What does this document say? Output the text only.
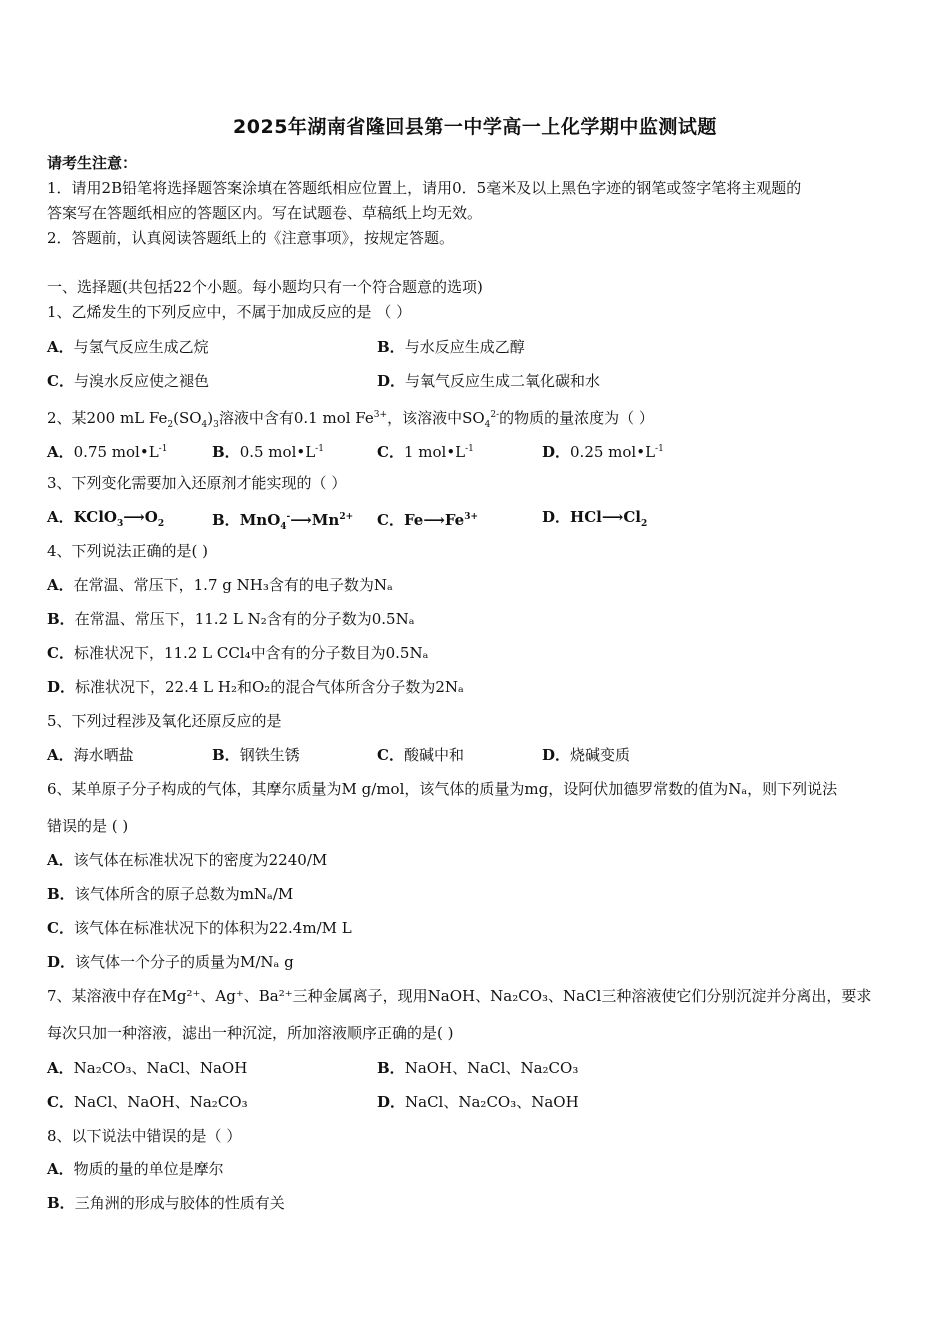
2025年湖南省隆回县第一中学高一上化学期中监测试题
请考生注意：
1．请用2B铅笔将选择题答案涂填在答题纸相应位置上，请用0．5毫米及以上黑色字迹的钢笔或签字笔将主观题的
答案写在答题纸相应的答题区内。写在试题卷、草稿纸上均无效。
2．答题前，认真阅读答题纸上的《注意事项》，按规定答题。
一、选择题(共包括22个小题。每小题均只有一个符合题意的选项)
1、乙烯发生的下列反应中，不属于加成反应的是 （ ）
A．与氢气反应生成乙烷	B．与水反应生成乙醇
C．与溴水反应使之褪色	D．与氧气反应生成二氧化碳和水
2、某200 mL $Fe_2(SO_4)_3$溶液中含有0.1 mol $Fe^{3+}$，该溶液中$SO_4^{2-}$的物质的量浓度为（ ）
A．0.75 $mol•L^{-1}$	B．0.5 $mol•L^{-1}$	C．1 $mol•L^{-1}$	D．0.25 $mol•L^{-1}$
3、下列变化需要加入还原剂才能实现的（ ）
A．$KClO_3⟶O_2$	B．$MnO_4^-⟶Mn^{2+}$ C．$Fe⟶Fe^{3+}$	D．$HCl⟶Cl_2$
4、下列说法正确的是( )
A．在常温、常压下，1.7 g NH₃含有的电子数为Nₐ
B．在常温、常压下，11.2 L N₂含有的分子数为0.5Nₐ
C．标准状况下，11.2 L CCl₄中含有的分子数目为0.5Nₐ
D．标准状况下，22.4 L H₂和O₂的混合气体所含分子数为2Nₐ
5、下列过程涉及氧化还原反应的是
A．海水晒盐	B．钢铁生锈	C．酸碱中和	D．烧碱变质
6、某单原子分子构成的气体，其摩尔质量为M g/mol，该气体的质量为mg，设阿伏加德罗常数的值为Nₐ，则下列说法
错误的是 ( )
A．该气体在标准状况下的密度为2240/M
B．该气体所含的原子总数为mNₐ/M
C．该气体在标准状况下的体积为22.4m/M L
D．该气体一个分子的质量为M/Nₐ g
7、某溶液中存在Mg²⁺、Ag⁺、Ba²⁺三种金属离子，现用NaOH、Na₂CO₃、NaCl三种溶液使它们分别沉淀并分离出，要求
每次只加一种溶液，滤出一种沉淀，所加溶液顺序正确的是( )
A．Na₂CO₃、NaCl、NaOH	B．NaOH、NaCl、Na₂CO₃
C．NaCl、NaOH、Na₂CO₃	D．NaCl、Na₂CO₃、NaOH
8、以下说法中错误的是（ ）
A．物质的量的单位是摩尔
B．三角洲的形成与胶体的性质有关
